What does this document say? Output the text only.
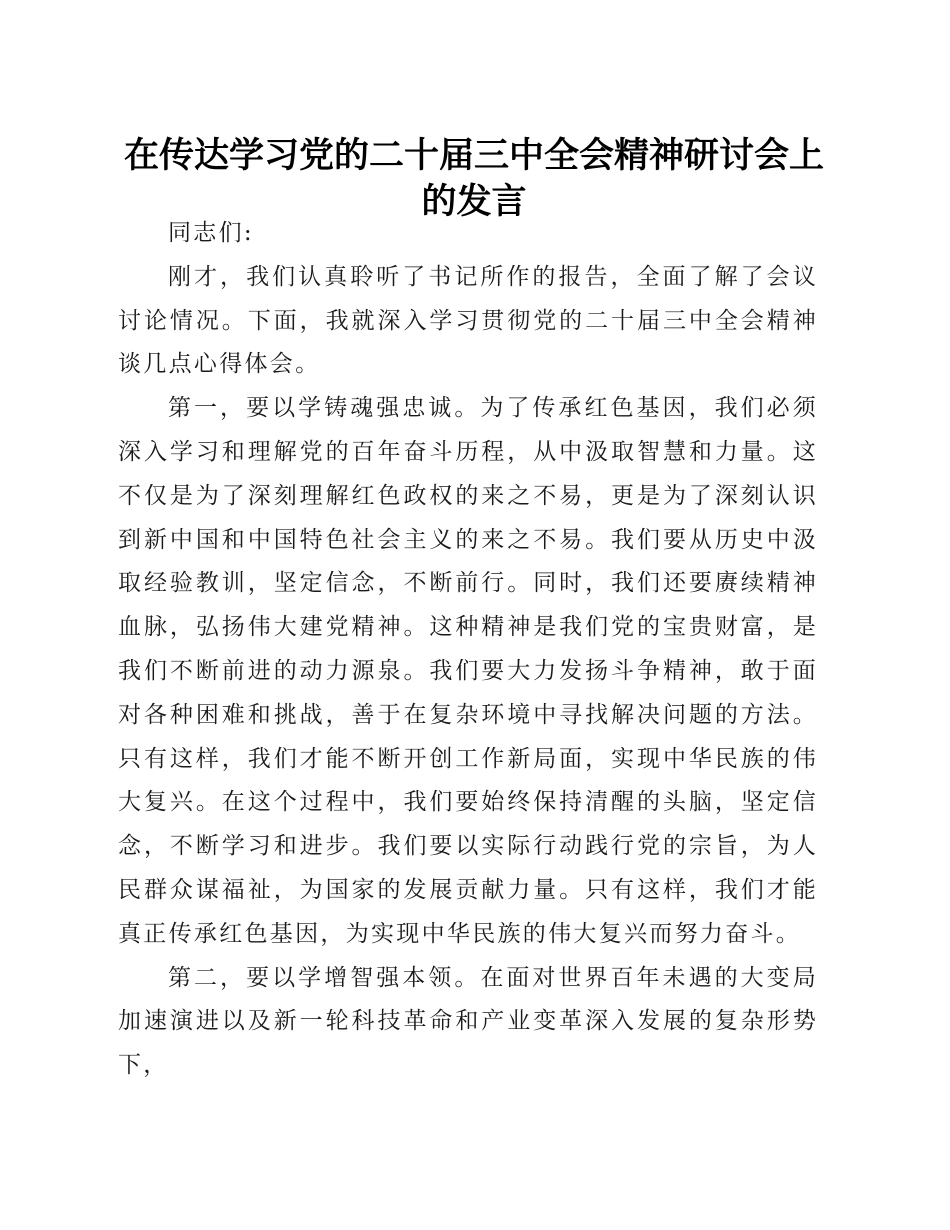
在传达学习党的二十届三中全会精神研讨会上的发言

同志们:

刚才，我们认真聆听了书记所作的报告，全面了解了会议讨论情况。下面，我就深入学习贯彻党的二十届三中全会精神谈几点心得体会。

第一，要以学铸魂强忠诚。为了传承红色基因，我们必须深入学习和理解党的百年奋斗历程，从中汲取智慧和力量。这不仅是为了深刻理解红色政权的来之不易，更是为了深刻认识到新中国和中国特色社会主义的来之不易。我们要从历史中汲取经验教训，坚定信念，不断前行。同时，我们还要赓续精神血脉，弘扬伟大建党精神。这种精神是我们党的宝贵财富，是我们不断前进的动力源泉。我们要大力发扬斗争精神，敢于面对各种困难和挑战，善于在复杂环境中寻找解决问题的方法。只有这样，我们才能不断开创工作新局面，实现中华民族的伟大复兴。在这个过程中，我们要始终保持清醒的头脑，坚定信念，不断学习和进步。我们要以实际行动践行党的宗旨，为人民群众谋福祉，为国家的发展贡献力量。只有这样，我们才能真正传承红色基因，为实现中华民族的伟大复兴而努力奋斗。

第二，要以学增智强本领。在面对世界百年未遇的大变局加速演进以及新一轮科技革命和产业变革深入发展的复杂形势下，
